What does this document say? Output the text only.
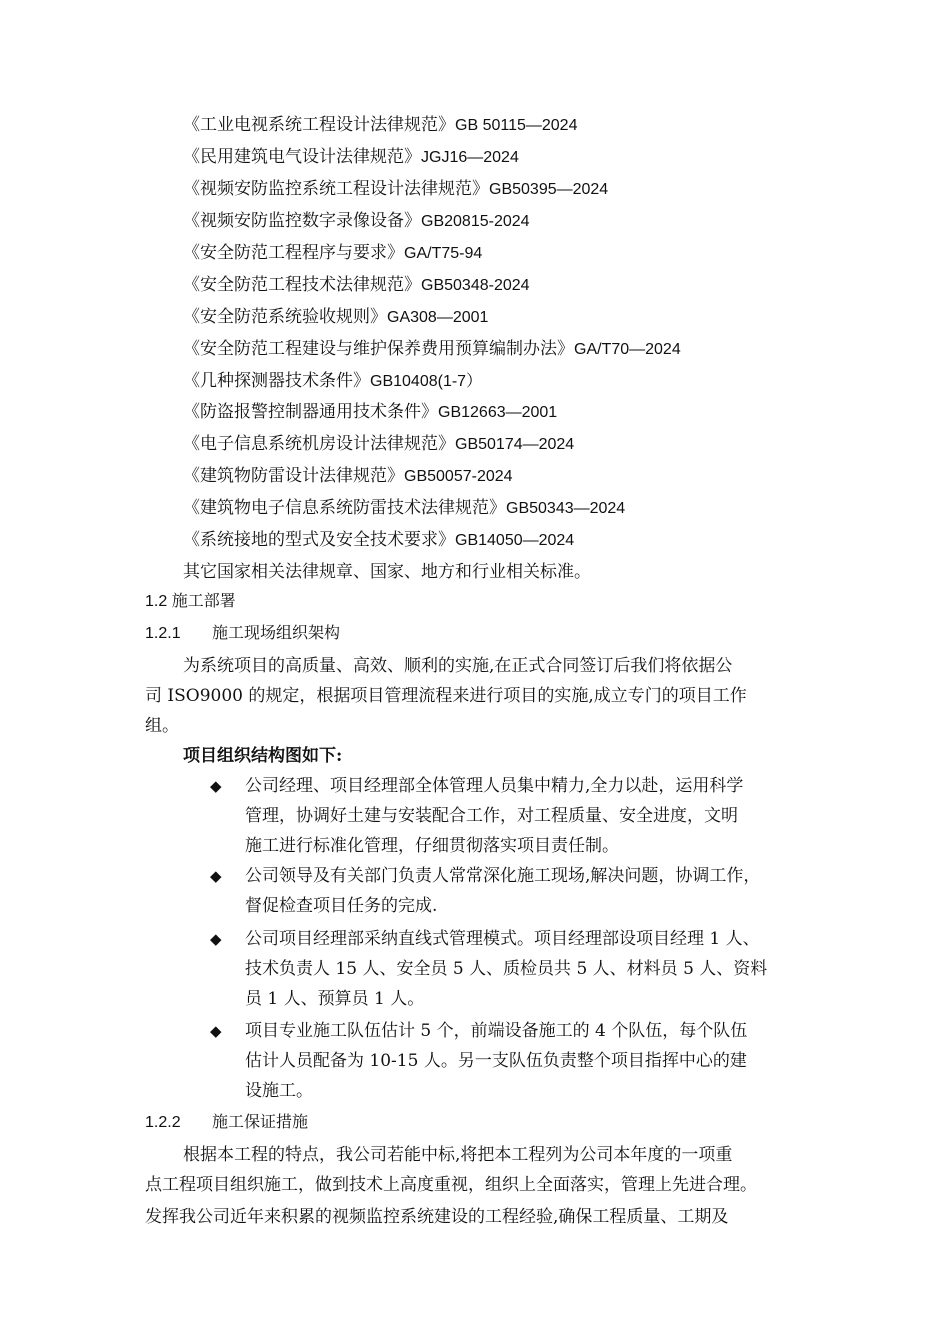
《工业电视系统工程设计法律规范》GB 50115—2024
《民用建筑电气设计法律规范》JGJ16—2024
《视频安防监控系统工程设计法律规范》GB50395—2024
《视频安防监控数字录像设备》GB20815-2024
《安全防范工程程序与要求》GA/T75-94
《安全防范工程技术法律规范》GB50348-2024
《安全防范系统验收规则》GA308—2001
《安全防范工程建设与维护保养费用预算编制办法》GA/T70—2024
《几种探测器技术条件》GB10408(1-7）
《防盗报警控制器通用技术条件》GB12663—2001
《电子信息系统机房设计法律规范》GB50174—2024
《建筑物防雷设计法律规范》GB50057-2024
《建筑物电子信息系统防雷技术法律规范》GB50343—2024
《系统接地的型式及安全技术要求》GB14050—2024
其它国家相关法律规章、国家、地方和行业相关标准。
1.2 施工部署
1.2.1 施工现场组织架构
为系统项目的高质量、高效、顺利的实施,在正式合同签订后我们将依据公
司 ISO9000 的规定，根据项目管理流程来进行项目的实施,成立专门的项目工作
组。
项目组织结构图如下:
◆ 公司经理、项目经理部全体管理人员集中精力,全力以赴，运用科学
管理，协调好土建与安装配合工作，对工程质量、安全进度，文明
施工进行标准化管理，仔细贯彻落实项目责任制。
◆ 公司领导及有关部门负责人常常深化施工现场,解决问题，协调工作，
督促检查项目任务的完成.
◆ 公司项目经理部采纳直线式管理模式。项目经理部设项目经理 1 人、
技术负责人 15 人、安全员 5 人、质检员共 5 人、材料员 5 人、资料
员 1 人、预算员 1 人。
◆ 项目专业施工队伍估计 5 个，前端设备施工的 4 个队伍，每个队伍
估计人员配备为 10-15 人。另一支队伍负责整个项目指挥中心的建
设施工。
1.2.2 施工保证措施
根据本工程的特点，我公司若能中标,将把本工程列为公司本年度的一项重
点工程项目组织施工，做到技术上高度重视，组织上全面落实，管理上先进合理。
发挥我公司近年来积累的视频监控系统建设的工程经验,确保工程质量、工期及
